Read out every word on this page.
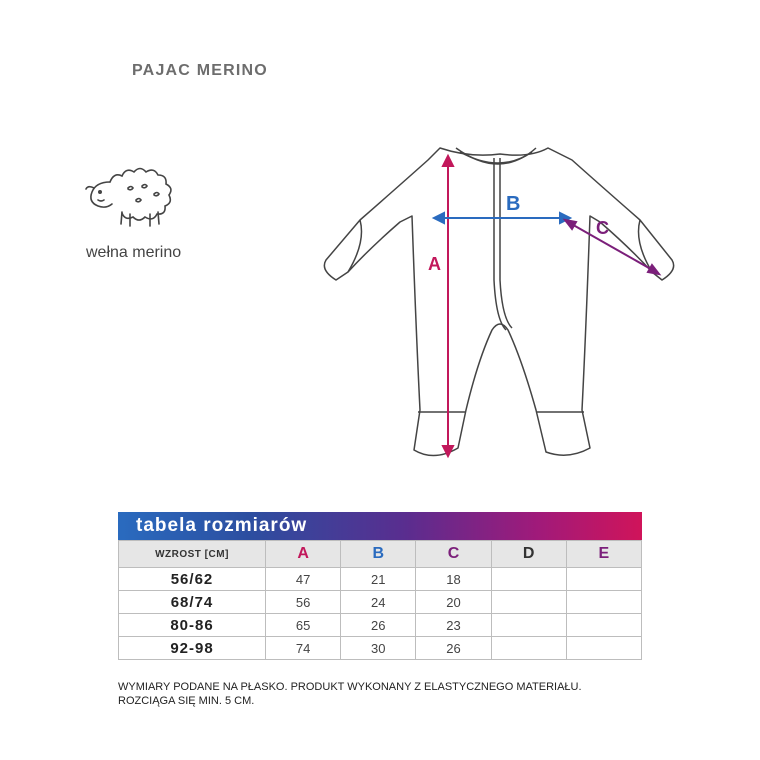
PAJAC MERINO
wełna merino
A
B
C
tabela rozmiarów
WZROST [CM]	A	B	C	D	E
56/62	47	21	18		
68/74	56	24	20		
80-86	65	26	23		
92-98	74	30	26		
WYMIARY PODANE NA PŁASKO. PRODUKT WYKONANY Z ELASTYCZNEGO MATERIAŁU.
ROZCIĄGA SIĘ MIN. 5 CM.
